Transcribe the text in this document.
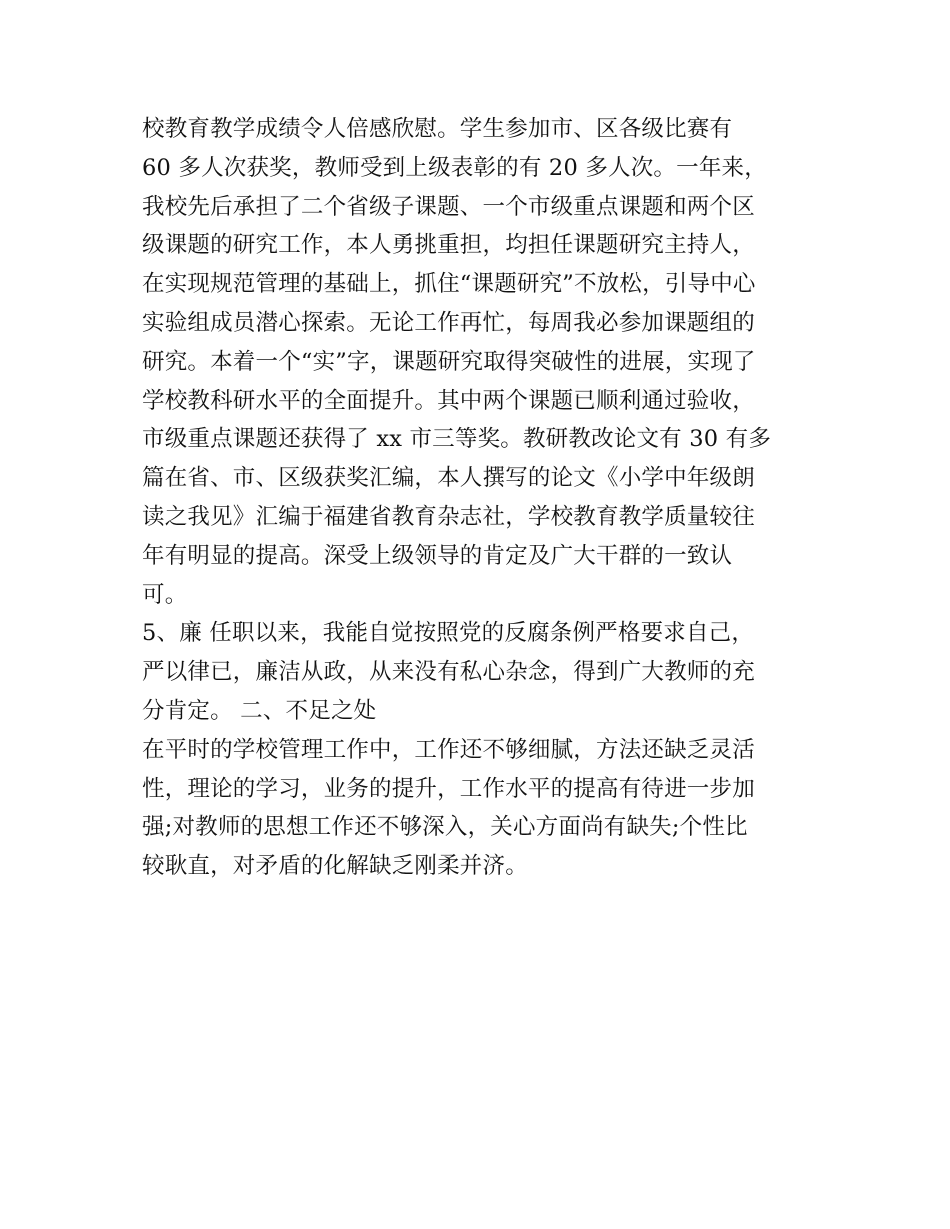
校教育教学成绩令人倍感欣慰。学生参加市、区各级比赛有
60 多人次获奖，教师受到上级表彰的有 20 多人次。一年来，
我校先后承担了二个省级子课题、一个市级重点课题和两个区
级课题的研究工作，本人勇挑重担，均担任课题研究主持人，
在实现规范管理的基础上，抓住“课题研究”不放松，引导中心
实验组成员潜心探索。无论工作再忙，每周我必参加课题组的
研究。本着一个“实”字，课题研究取得突破性的进展，实现了
学校教科研水平的全面提升。其中两个课题已顺利通过验收，
市级重点课题还获得了 xx 市三等奖。教研教改论文有 30 有多
篇在省、市、区级获奖汇编，本人撰写的论文《小学中年级朗
读之我见》汇编于福建省教育杂志社，学校教育教学质量较往
年有明显的提高。深受上级领导的肯定及广大干群的一致认
可。
5、廉 任职以来，我能自觉按照党的反腐条例严格要求自己，
严以律已，廉洁从政，从来没有私心杂念，得到广大教师的充
分肯定。 二、不足之处
在平时的学校管理工作中，工作还不够细腻，方法还缺乏灵活
性，理论的学习，业务的提升，工作水平的提高有待进一步加
强;对教师的思想工作还不够深入，关心方面尚有缺失;个性比
较耿直，对矛盾的化解缺乏刚柔并济。
